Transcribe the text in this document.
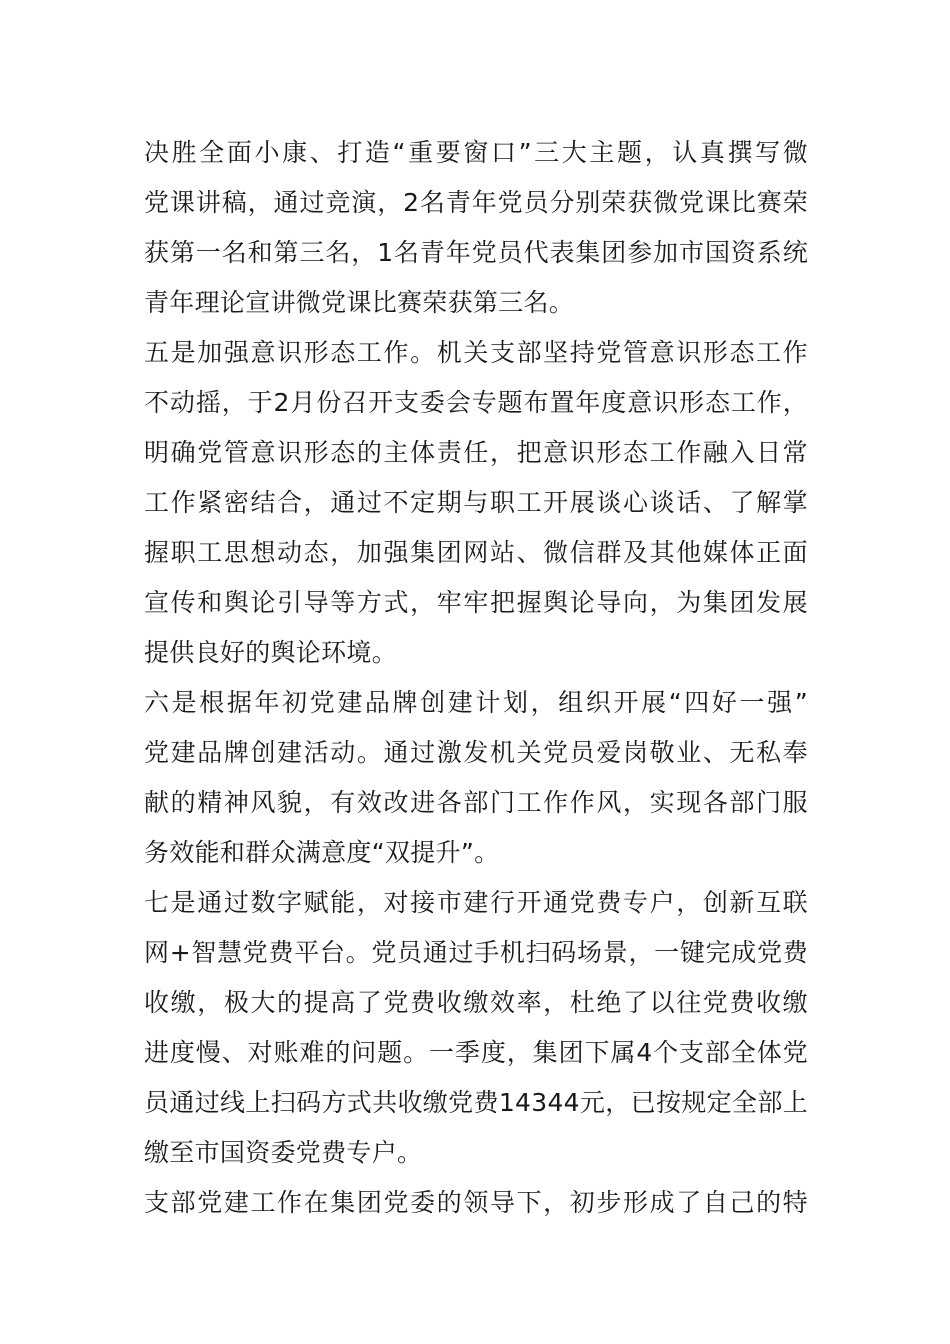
决胜全面小康、打造“重要窗口”三大主题，认真撰写微
党课讲稿，通过竞演，2名青年党员分别荣获微党课比赛荣
获第一名和第三名，1名青年党员代表集团参加市国资系统
青年理论宣讲微党课比赛荣获第三名。
五是加强意识形态工作。机关支部坚持党管意识形态工作
不动摇，于2月份召开支委会专题布置年度意识形态工作，
明确党管意识形态的主体责任，把意识形态工作融入日常
工作紧密结合，通过不定期与职工开展谈心谈话、了解掌
握职工思想动态，加强集团网站、微信群及其他媒体正面
宣传和舆论引导等方式，牢牢把握舆论导向，为集团发展
提供良好的舆论环境。
六是根据年初党建品牌创建计划，组织开展“四好一强”
党建品牌创建活动。通过激发机关党员爱岗敬业、无私奉
献的精神风貌，有效改进各部门工作作风，实现各部门服
务效能和群众满意度“双提升”。
七是通过数字赋能，对接市建行开通党费专户，创新互联
网+智慧党费平台。党员通过手机扫码场景，一键完成党费
收缴，极大的提高了党费收缴效率，杜绝了以往党费收缴
进度慢、对账难的问题。一季度，集团下属4个支部全体党
员通过线上扫码方式共收缴党费14344元，已按规定全部上
缴至市国资委党费专户。
支部党建工作在集团党委的领导下，初步形成了自己的特
